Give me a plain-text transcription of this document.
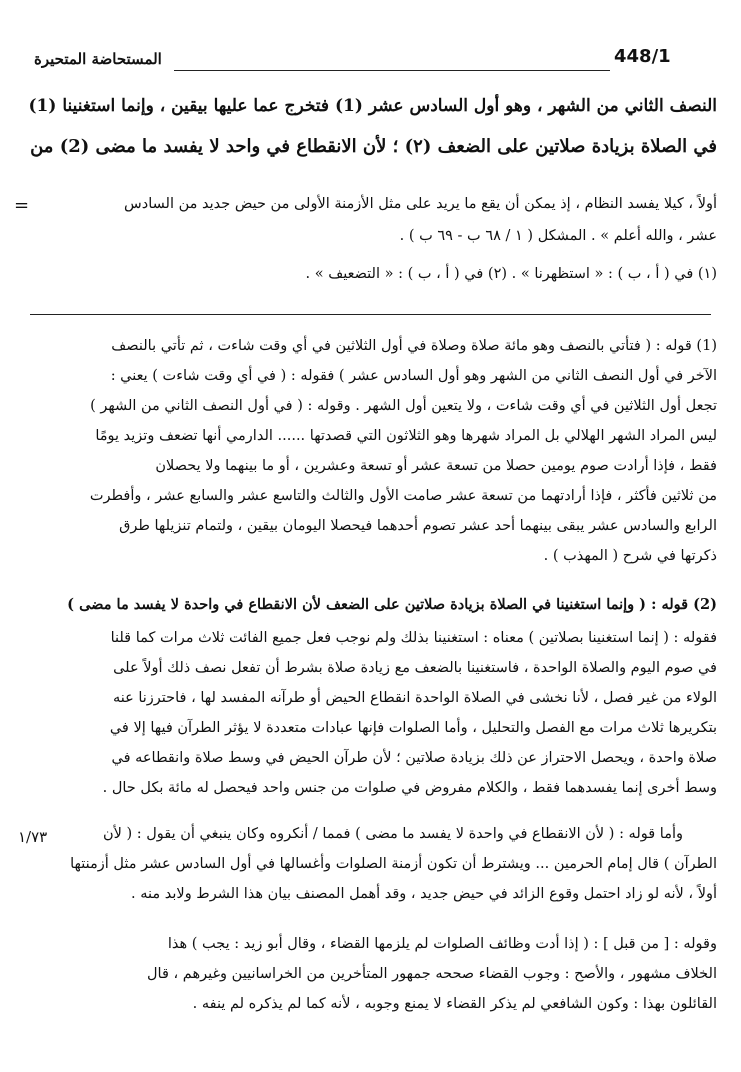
448/1
المستحاضة المتحيرة
النصف الثاني من الشهر ، وهو أول السادس عشر (1) فتخرج عما عليها بيقين ، وإنما استغنينا (1)
في الصلاة بزيادة صلاتين على الضعف (٢) ؛ لأن الانقطاع في واحد لا يفسد ما مضى (2) من
=	أولاً ، كيلا يفسد النظام ، إذ يمكن أن يقع ما يريد على مثل الأزمنة الأولى من حيض جديد من السادس
عشر ، والله أعلم » . المشكل ( ١ / ٦٨ ب - ٦٩ ب ) .
(١) في ( أ ، ب ) : « استظهرنا » . (٢) في ( أ ، ب ) : « التضعيف » .
(1) قوله : ( فتأتي بالنصف وهو مائة صلاة وصلاة في أول الثلاثين في أي وقت شاءت ، ثم تأتي بالنصف
الآخر في أول النصف الثاني من الشهر وهو أول السادس عشر ) فقوله : ( في أي وقت شاءت ) يعني :
تجعل أول الثلاثين في أي وقت شاءت ، ولا يتعين أول الشهر . وقوله : ( في أول النصف الثاني من الشهر )
ليس المراد الشهر الهلالي بل المراد شهرها وهو الثلاثون التي قصدتها ...... الدارمي أنها تضعف وتزيد يومًا
فقط ، فإذا أرادت صوم يومين حصلا من تسعة عشر أو تسعة وعشرين ، أو ما بينهما ولا يحصلان
من ثلاثين فأكثر ، فإذا أرادتهما من تسعة عشر صامت الأول والثالث والتاسع عشر والسابع عشر ، وأفطرت
الرابع والسادس عشر يبقى بينهما أحد عشر تصوم أحدهما فيحصلا اليومان بيقين ، ولتمام تنزيلها طرق
ذكرتها في شرح ( المهذب ) .
(2) قوله : ( وإنما استغنينا في الصلاة بزيادة صلاتين على الضعف لأن الانقطاع في واحدة لا يفسد ما مضى )
فقوله : ( إنما استغنينا بصلاتين ) معناه : استغنينا بذلك ولم نوجب فعل جميع الفائت ثلاث مرات كما قلنا
في صوم اليوم والصلاة الواحدة ، فاستغنينا بالضعف مع زيادة صلاة بشرط أن تفعل نصف ذلك أولاً على
الولاء من غير فصل ، لأنا نخشى في الصلاة الواحدة انقطاع الحيض أو طرآنه المفسد لها ، فاحترزنا عنه
بتكريرها ثلاث مرات مع الفصل والتحليل ، وأما الصلوات فإنها عبادات متعددة لا يؤثر الطرآن فيها إلا في
صلاة واحدة ، ويحصل الاحتراز عن ذلك بزيادة صلاتين ؛ لأن طرآن الحيض في وسط صلاة وانقطاعه في
وسط أخرى إنما يفسدهما فقط ، والكلام مفروض في صلوات من جنس واحد فيحصل له مائة بكل حال .
١/٧٣	وأما قوله : ( لأن الانقطاع في واحدة لا يفسد ما مضى ) فمما / أنكروه وكان ينبغي أن يقول : ( لأن
الطرآن ) قال إمام الحرمين ... ويشترط أن تكون أزمنة الصلوات وأغسالها في أول السادس عشر مثل أزمنتها
أولاً ، لأنه لو زاد احتمل وقوع الزائد في حيض جديد ، وقد أهمل المصنف بيان هذا الشرط ولابد منه .
وقوله : [ من قبل ] : ( إذا أدت وظائف الصلوات لم يلزمها القضاء ، وقال أبو زيد : يجب ) هذا
الخلاف مشهور ، والأصح : وجوب القضاء صححه جمهور المتأخرين من الخراسانيين وغيرهم ، قال
القائلون بهذا : وكون الشافعي لم يذكر القضاء لا يمنع وجوبه ، لأنه كما لم يذكره لم ينفه .
